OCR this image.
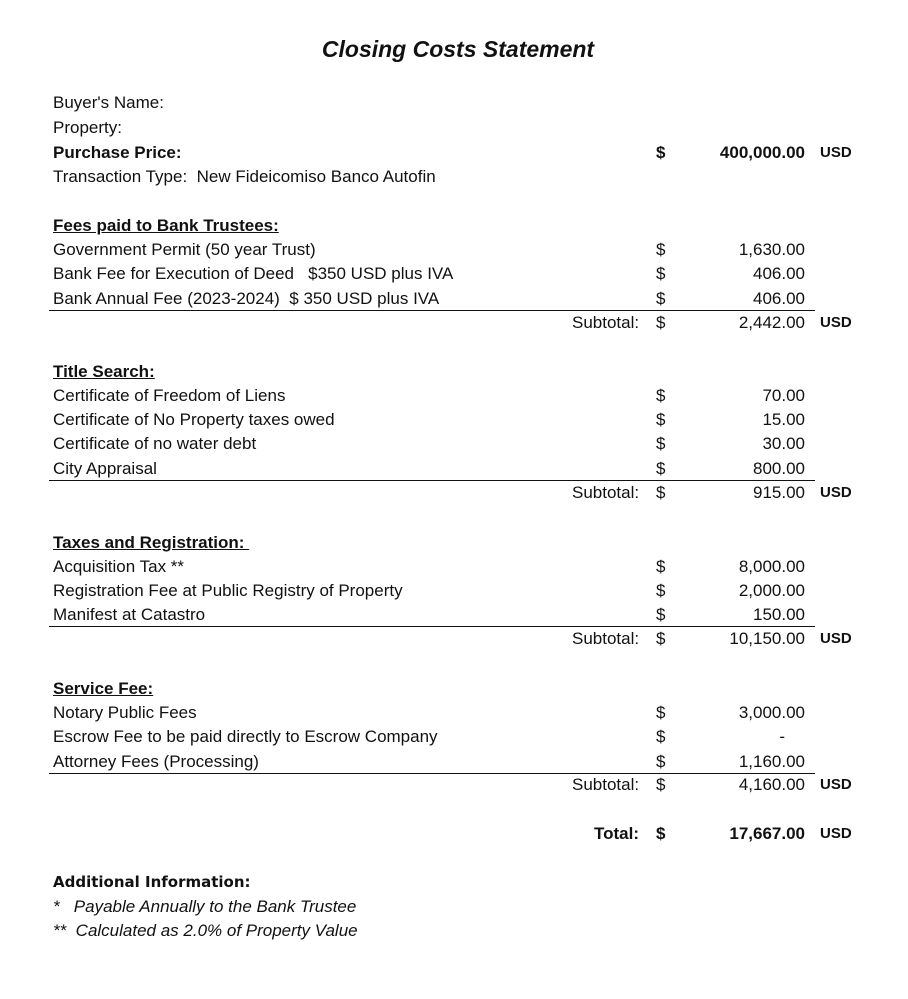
Closing Costs Statement
Buyer's Name:
Property:
Purchase Price:	$	400,000.00 USD
Transaction Type:  New Fideicomiso Banco Autofin
Fees paid to Bank Trustees:
Government Permit (50 year Trust)	$	1,630.00
Bank Fee for Execution of Deed   $350 USD plus IVA	$	406.00
Bank Annual Fee (2023-2024)  $ 350 USD plus IVA	$	406.00
Subtotal: $	2,442.00 USD
Title Search:
Certificate of Freedom of Liens	$	70.00
Certificate of No Property taxes owed	$	15.00
Certificate of no water debt	$	30.00
City Appraisal	$	800.00
Subtotal: $	915.00 USD
Taxes and Registration:
Acquisition Tax **	$	8,000.00
Registration Fee at Public Registry of Property	$	2,000.00
Manifest at Catastro	$	150.00
Subtotal: $	10,150.00 USD
Service Fee:
Notary Public Fees	$	3,000.00
Escrow Fee to be paid directly to Escrow Company	$	-
Attorney Fees (Processing)	$	1,160.00
Subtotal: $	4,160.00 USD
Total: $	17,667.00 USD
Additional Information:
*   Payable Annually to the Bank Trustee
**  Calculated as 2.0% of Property Value
